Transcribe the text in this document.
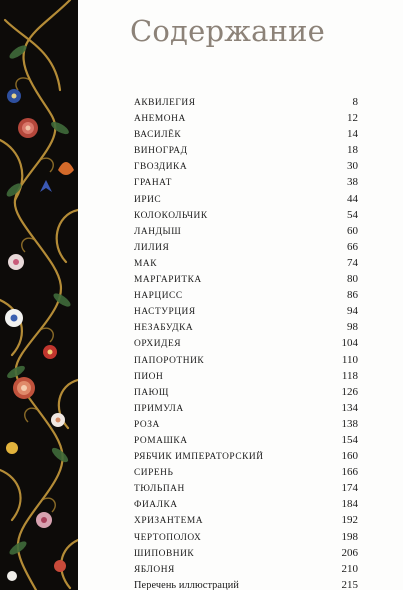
Содержание
АКВИЛЕГИЯ	8
АНЕМОНА	12
ВАСИЛЁК	14
ВИНОГРАД	18
ГВОЗДИКА	30
ГРАНАТ	38
ИРИС	44
КОЛОКОЛЬЧИК	54
ЛАНДЫШ	60
ЛИЛИЯ	66
МАК	74
МАРГАРИТКА	80
НАРЦИСС	86
НАСТУРЦИЯ	94
НЕЗАБУДКА	98
ОРХИДЕЯ	104
ПАПОРОТНИК	110
ПИОН	118
ПАЮЩ	126
ПРИМУЛА	134
РОЗА	138
РОМАШКА	154
РЯБЧИК ИМПЕРАТОРСКИЙ	160
СИРЕНЬ	166
ТЮЛЬПАН	174
ФИАЛКА	184
ХРИЗАНТЕМА	192
ЧЕРТОПОЛОХ	198
ШИПОВНИК	206
ЯБЛОНЯ	210
Перечень иллюстраций	215
